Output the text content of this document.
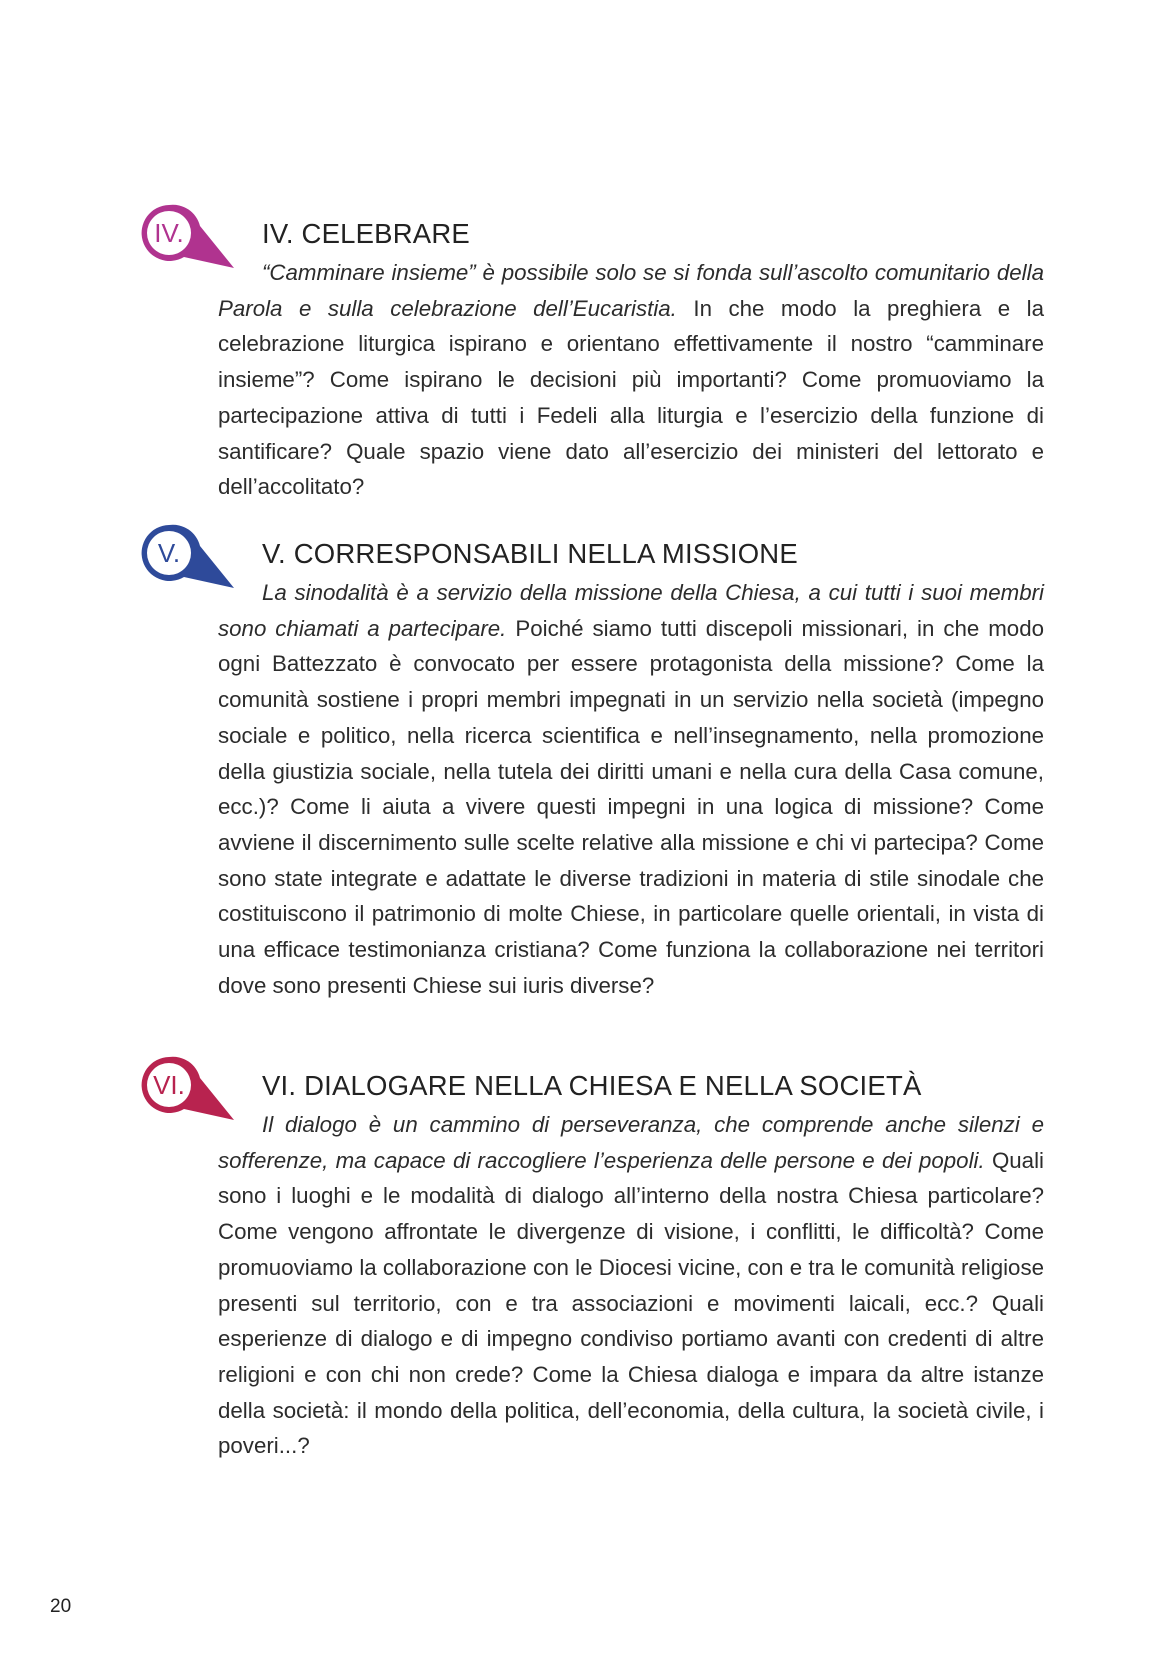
IV.	IV. CELEBRARE

“Camminare insieme” è possibile solo se si fonda sull’ascolto comunitario della Parola e sulla celebrazione dell’Eucaristia. In che modo la preghiera e la celebrazione liturgica ispirano e orientano effettivamente il nostro “camminare insieme”? Come ispirano le decisioni più importanti? Come promuoviamo la partecipazione attiva di tutti i Fedeli alla liturgia e l’esercizio della funzione di santificare? Quale spazio viene dato all’esercizio dei ministeri del lettorato e dell’accolitato?

V.	V. CORRESPONSABILI NELLA MISSIONE

La sinodalità è a servizio della missione della Chiesa, a cui tutti i suoi membri sono chiamati a partecipare. Poiché siamo tutti discepoli missionari, in che modo ogni Battezzato è convocato per essere protagonista della missione? Come la comunità sostiene i propri membri impegnati in un servizio nella società (impegno sociale e politico, nella ricerca scientifica e nell’insegnamento, nella promozione della giustizia sociale, nella tutela dei diritti umani e nella cura della Casa comune, ecc.)? Come li aiuta a vivere questi impegni in una logica di missione? Come avviene il discernimento sulle scelte relative alla missione e chi vi partecipa? Come sono state integrate e adattate le diverse tradizioni in materia di stile sinodale che costituiscono il patrimonio di molte Chiese, in particolare quelle orientali, in vista di una efficace testimonianza cristiana? Come funziona la collaborazione nei territori dove sono presenti Chiese sui iuris diverse?

VI.	VI. DIALOGARE NELLA CHIESA E NELLA SOCIETÀ

Il dialogo è un cammino di perseveranza, che comprende anche silenzi e sofferenze, ma capace di raccogliere l’esperienza delle persone e dei popoli. Quali sono i luoghi e le modalità di dialogo all’interno della nostra Chiesa particolare? Come vengono affrontate le divergenze di visione, i conflitti, le difficoltà? Come promuoviamo la collaborazione con le Diocesi vicine, con e tra le comunità religiose presenti sul territorio, con e tra associazioni e movimenti laicali, ecc.? Quali esperienze di dialogo e di impegno condiviso portiamo avanti con credenti di altre religioni e con chi non crede? Come la Chiesa dialoga e impara da altre istanze della società: il mondo della politica, dell’economia, della cultura, la società civile, i poveri...?

20
